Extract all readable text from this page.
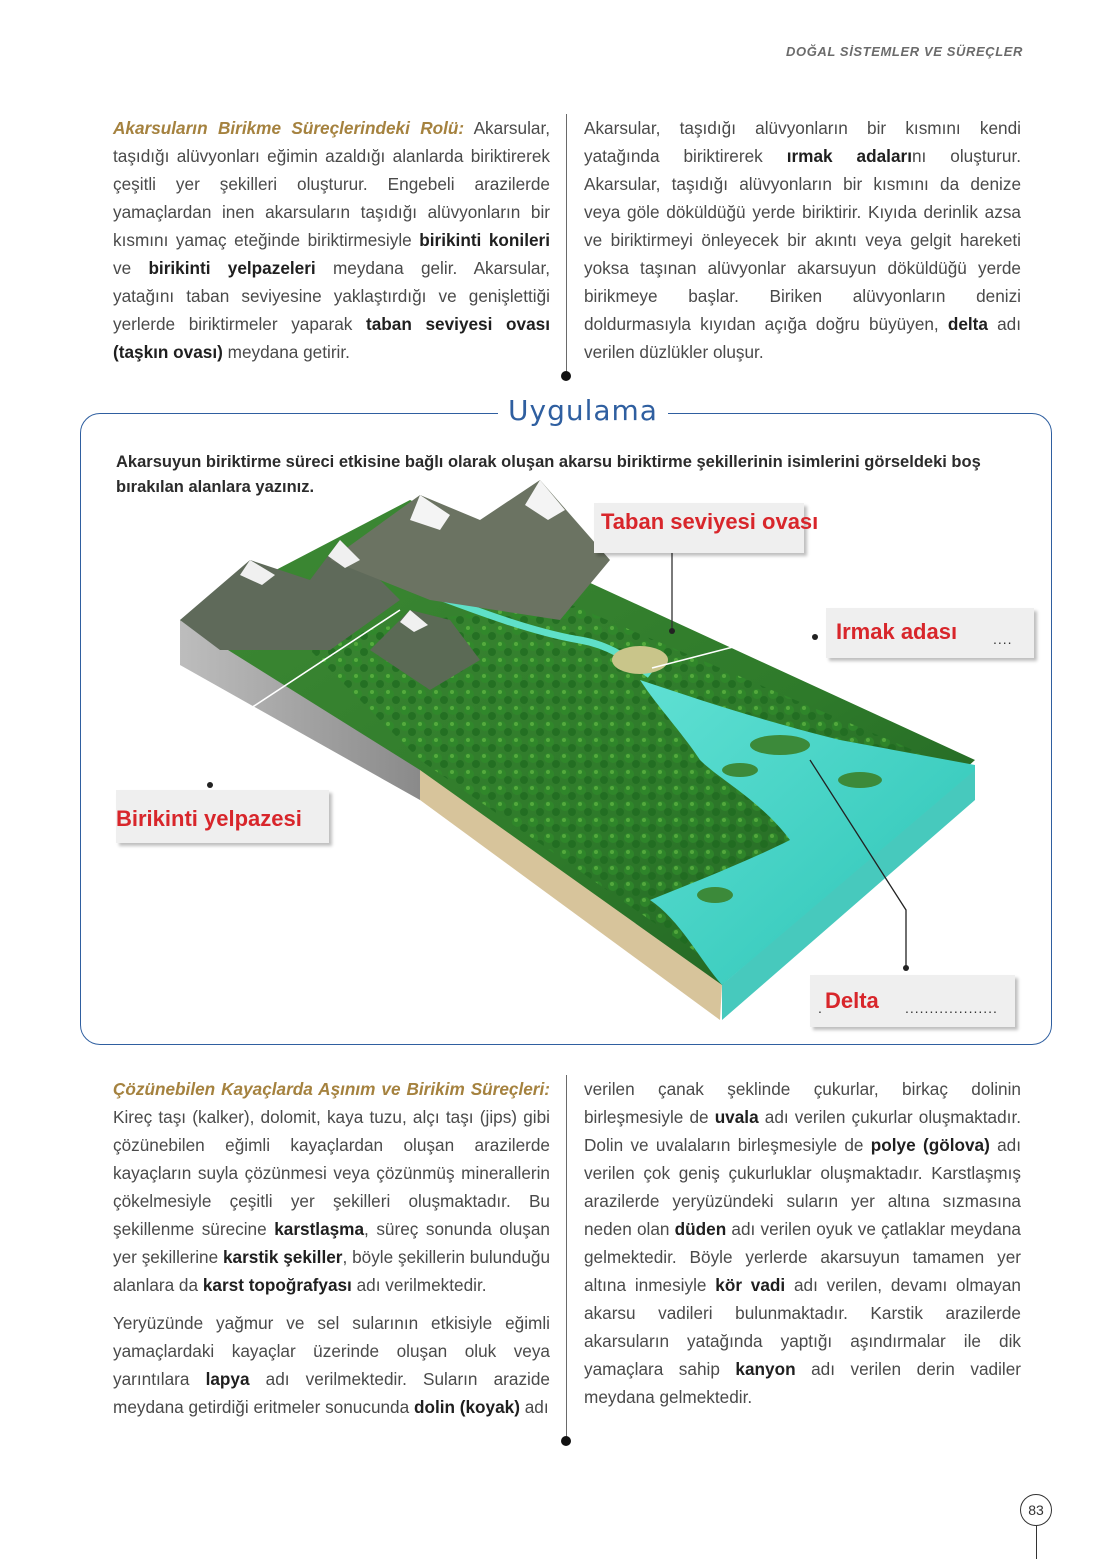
DOĞAL SİSTEMLER VE SÜREÇLER

Akarsuların Birikme Süreçlerindeki Rolü: Akarsular, taşıdığı alüvyonları eğimin azaldığı alanlarda biriktirerek çeşitli yer şekilleri oluşturur. Engebeli arazilerde yamaçlardan inen akarsuların taşıdığı alüvyonların bir kısmını yamaç eteğinde biriktirmesiyle birikinti konileri ve birikinti yelpazeleri meydana gelir. Akarsular, yatağını taban seviyesine yaklaştırdığı ve genişlettiği yerlerde biriktirmeler yaparak taban seviyesi ovası (taşkın ovası) meydana getirir.

Akarsular, taşıdığı alüvyonların bir kısmını kendi yatağında biriktirerek ırmak adalarını oluşturur. Akarsular, taşıdığı alüvyonların bir kısmını da denize veya göle döküldüğü yerde biriktirir. Kıyıda derinlik azsa ve biriktirmeyi önleyecek bir akıntı veya gelgit hareketi yoksa taşınan alüvyonlar akarsuyun döküldüğü yerde birikmeye başlar. Biriken alüvyonların denizi doldurmasıyla kıyıdan açığa doğru büyüyen, delta adı verilen düzlükler oluşur.

Uygulama
Akarsuyun biriktirme süreci etkisine bağlı olarak oluşan akarsu biriktirme şekillerinin isimlerini görseldeki boş bırakılan alanlara yazınız.
Taban seviyesi ovası
Irmak adası	....
Birikinti yelpazesi
. Delta ...................

Çözünebilen Kayaçlarda Aşınım ve Birikim Süreçleri: Kireç taşı (kalker), dolomit, kaya tuzu, alçı taşı (jips) gibi çözünebilen eğimli kayaçlardan oluşan arazilerde kayaçların suyla çözünmesi veya çözünmüş minerallerin çökelmesiyle çeşitli yer şekilleri oluşmaktadır. Bu şekillenme sürecine karstlaşma, süreç sonunda oluşan yer şekillerine karstik şekiller, böyle şekillerin bulunduğu alanlara da karst topoğrafyası adı verilmektedir.

Yeryüzünde yağmur ve sel sularının etkisiyle eğimli yamaçlardaki kayaçlar üzerinde oluşan oluk veya yarıntılara lapya adı verilmektedir. Suların arazide meydana getirdiği eritmeler sonucunda dolin (koyak) adı

verilen çanak şeklinde çukurlar, birkaç dolinin birleşmesiyle de uvala adı verilen çukurlar oluşmaktadır. Dolin ve uvalaların birleşmesiyle de polye (gölova) adı verilen çok geniş çukurluklar oluşmaktadır. Karstlaşmış arazilerde yeryüzündeki suların yer altına sızmasına neden olan düden adı verilen oyuk ve çatlaklar meydana gelmektedir. Böyle yerlerde akarsuyun tamamen yer altına inmesiyle kör vadi adı verilen, devamı olmayan akarsu vadileri bulunmaktadır. Karstik arazilerde akarsuların yatağında yaptığı aşındırmalar ile dik yamaçlara sahip kanyon adı verilen derin vadiler meydana gelmektedir.

83
